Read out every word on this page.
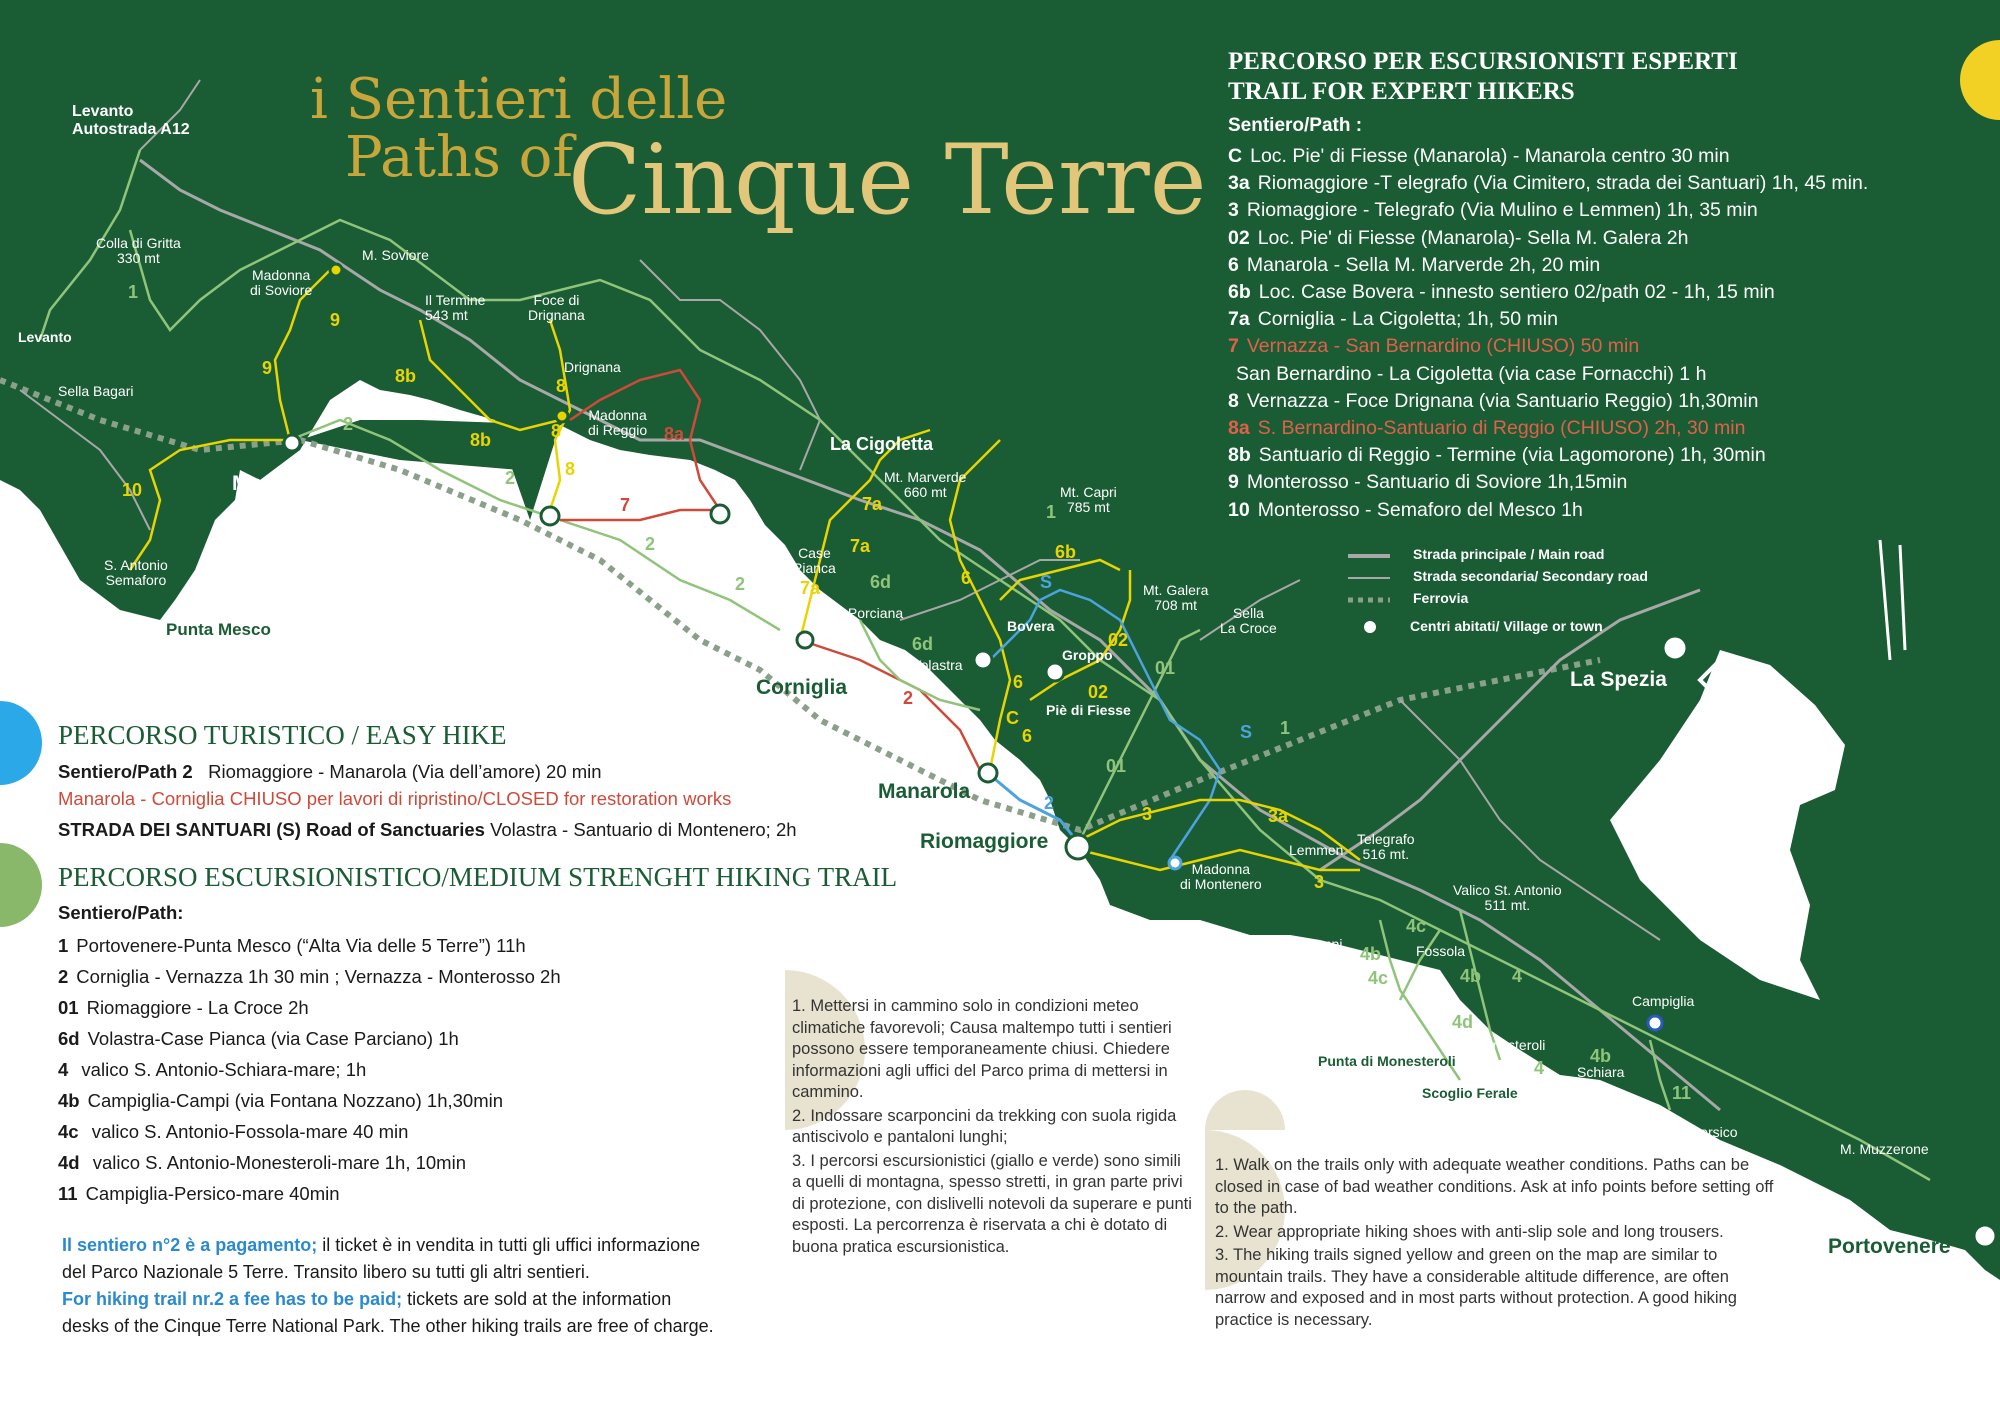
i Sentieri delle
Paths of
Cinque Terre
PERCORSO PER ESCURSIONISTI ESPERTI
TRAIL FOR EXPERT HIKERS
Sentiero/Path :
C Loc. Pie' di Fiesse (Manarola) - Manarola centro 30 min
3a Riomaggiore -T elegrafo (Via Cimitero, strada dei Santuari) 1h, 45 min.
3 Riomaggiore - Telegrafo (Via Mulino e Lemmen) 1h, 35 min
02 Loc. Pie' di Fiesse (Manarola)- Sella M. Galera 2h
6 Manarola - Sella M. Marverde 2h, 20 min
6b Loc. Case Bovera - innesto sentiero 02/path 02 - 1h, 15 min
7a Corniglia - La Cigoletta; 1h, 50 min
7 Vernazza - San Bernardino (CHIUSO) 50 min
San Bernardino - La Cigoletta (via case Fornacchi) 1 h
8 Vernazza - Foce Drignana (via Santuario Reggio) 1h,30min
8a S. Bernardino-Santuario di Reggio (CHIUSO) 2h, 30 min
8b Santuario di Reggio - Termine (via Lagomorone) 1h, 30min
9 Monterosso - Santuario di Soviore 1h,15min
10 Monterosso - Semaforo del Mesco 1h
Strada principale / Main road
Strada secondaria/ Secondary road
Ferrovia
Centri abitati/ Village or town
Monterosso
Vernazza
Corniglia
Manarola
Riomaggiore
La Spezia
Portovenere
Punta Mesco
La Cigoletta
Levanto
Autostrada A12
Levanto
Colla di Gritta
330 mt
Madonna
di Soviore
M. Soviore
Il Termine
543 mt
Foce di
Drignana
Drignana
Madonna
di Reggio
Sella Bagari
S. Antonio
Semaforo
San Bernardino
Mt. Marverde
660 mt	Mt. Capri
785 mt
Case
Pianca
C. Porciana
Volastra
Bovera
Groppo
Piè di Fiesse
Mt. Galera
708 mt	Sella
La Croce
Madonna
di Montenero
Lemmen
Telegrafo
516 mt.
Valico St. Antonio
511 mt.
Campi	Fossola
Campiglia
Monesteroli
Schiara
Punta di Monesteroli
Scoglio Ferale
Il Persico
M. Muzzerone
1
1
1
2
2
2
2
2
2
9
9
8
8
8
8b
8b	8a
7
10
7a
7a
7a	6d
6d
6
6
6
6b
C
02
02
01
01
S
S
3
3
3a
4c
4c
4b
4b
4b
4
4
4d
11
PERCORSO TURISTICO / EASY HIKE
Sentiero/Path 2 Riomaggiore - Manarola (Via dell’amore) 20 min
Manarola - Corniglia CHIUSO per lavori di ripristino/CLOSED for restoration works
STRADA DEI SANTUARI (S) Road of Sanctuaries Volastra - Santuario di Montenero; 2h
PERCORSO ESCURSIONISTICO/MEDIUM STRENGHT HIKING TRAIL
Sentiero/Path:
1 Portovenere-Punta Mesco (“Alta Via delle 5 Terre”) 11h
2 Corniglia - Vernazza 1h 30 min ; Vernazza - Monterosso 2h
01 Riomaggiore - La Croce 2h
6d Volastra-Case Pianca (via Case Parciano) 1h
4 valico S. Antonio-Schiara-mare; 1h
4b Campiglia-Campi (via Fontana Nozzano) 1h,30min
4c valico S. Antonio-Fossola-mare 40 min
4d valico S. Antonio-Monesteroli-mare 1h, 10min
11 Campiglia-Persico-mare 40min
Il sentiero n°2 è a pagamento; il ticket è in vendita in tutti gli uffici informazione
del Parco Nazionale 5 Terre. Transito libero su tutti gli altri sentieri.
For hiking trail nr.2 a fee has to be paid; tickets are sold at the information
desks of the Cinque Terre National Park. The other hiking trails are free of charge.
1. Mettersi in cammino solo in condizioni meteo climatiche favorevoli; Causa maltempo tutti i sentieri possono essere temporaneamente chiusi. Chiedere informazioni agli uffici del Parco prima di mettersi in cammino.
2. Indossare scarponcini da trekking con suola rigida antiscivolo e pantaloni lunghi;
3. I percorsi escursionistici (giallo e verde) sono simili a quelli di montagna, spesso stretti, in gran parte privi di protezione, con dislivelli notevoli da superare e punti esposti. La percorrenza è riservata a chi è dotato di buona pratica escursionistica.
1. Walk on the trails only with adequate weather conditions. Paths can be closed in case of bad weather conditions. Ask at info points before setting off to the path.
2. Wear appropriate hiking shoes with anti-slip sole and long trousers.
3. The hiking trails signed yellow and green on the map are similar to mountain trails. They have a considerable altitude difference, are often narrow and exposed and in most parts without protection. A good hiking practice is necessary.
